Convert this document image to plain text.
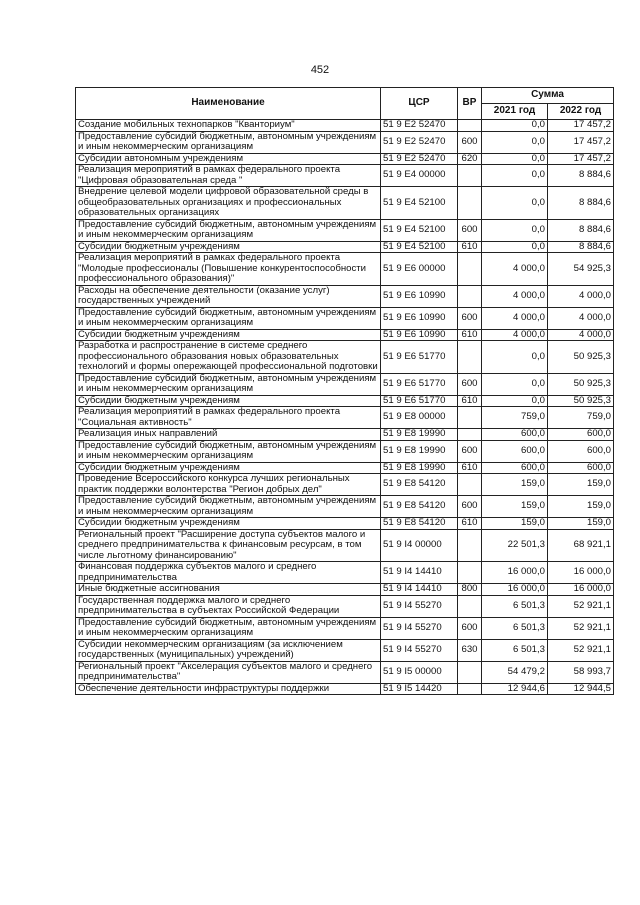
452
Наименование	ЦСР	ВР	Сумма	
			2021 год	2022 год
Создание мобильных технопарков "Кванториум"	51 9 E2 52470		0,0	17 457,2
Предоставление субсидий бюджетным, автономным учреждениям и иным некоммерческим организациям	51 9 E2 52470	600	0,0	17 457,2
Субсидии автономным учреждениям	51 9 E2 52470	620	0,0	17 457,2
Реализация мероприятий в рамках федерального проекта "Цифровая образовательная среда "	51 9 E4 00000		0,0	8 884,6
Внедрение целевой модели цифровой образовательной среды в общеобразовательных организациях и профессиональных образовательных организациях	51 9 E4 52100		0,0	8 884,6
Предоставление субсидий бюджетным, автономным учреждениям и иным некоммерческим организациям	51 9 E4 52100	600	0,0	8 884,6
Субсидии бюджетным учреждениям	51 9 E4 52100	610	0,0	8 884,6
Реализация мероприятий в рамках федерального проекта "Молодые профессионалы (Повышение конкурентоспособности профессионального образования)"	51 9 E6 00000		4 000,0	54 925,3
Расходы на обеспечение деятельности (оказание услуг) государственных учреждений	51 9 E6 10990		4 000,0	4 000,0
Предоставление субсидий бюджетным, автономным учреждениям и иным некоммерческим организациям	51 9 E6 10990	600	4 000,0	4 000,0
Субсидии бюджетным учреждениям	51 9 E6 10990	610	4 000,0	4 000,0
Разработка и распространение в системе среднего профессионального образования новых образовательных технологий и формы опережающей профессиональной подготовки	51 9 E6 51770		0,0	50 925,3
Предоставление субсидий бюджетным, автономным учреждениям и иным некоммерческим организациям	51 9 E6 51770	600	0,0	50 925,3
Субсидии бюджетным учреждениям	51 9 E6 51770	610	0,0	50 925,3
Реализация мероприятий в рамках федерального проекта "Социальная активность"	51 9 E8 00000		759,0	759,0
Реализация иных направлений	51 9 E8 19990		600,0	600,0
Предоставление субсидий бюджетным, автономным учреждениям и иным некоммерческим организациям	51 9 E8 19990	600	600,0	600,0
Субсидии бюджетным учреждениям	51 9 E8 19990	610	600,0	600,0
Проведение Всероссийского конкурса лучших региональных практик поддержки волонтерства "Регион добрых дел"	51 9 E8 54120		159,0	159,0
Предоставление субсидий бюджетным, автономным учреждениям и иным некоммерческим организациям	51 9 E8 54120	600	159,0	159,0
Субсидии бюджетным учреждениям	51 9 E8 54120	610	159,0	159,0
Региональный проект "Расширение доступа субъектов малого и среднего предпринимательства к финансовым ресурсам, в том числе льготному финансированию"	51 9 I4 00000		22 501,3	68 921,1
Финансовая поддержка субъектов малого и среднего предпринимательства	51 9 I4 14410		16 000,0	16 000,0
Иные бюджетные ассигнования	51 9 I4 14410	800	16 000,0	16 000,0
Государственная поддержка малого и среднего предпринимательства в субъектах Российской Федерации	51 9 I4 55270		6 501,3	52 921,1
Предоставление субсидий бюджетным, автономным учреждениям и иным некоммерческим организациям	51 9 I4 55270	600	6 501,3	52 921,1
Субсидии некоммерческим организациям (за исключением государственных (муниципальных) учреждений)	51 9 I4 55270	630	6 501,3	52 921,1
Региональный проект "Акселерация субъектов малого и среднего предпринимательства"	51 9 I5 00000		54 479,2	58 993,7
Обеспечение деятельности инфраструктуры поддержки	51 9 I5 14420		12 944,6	12 944,5
